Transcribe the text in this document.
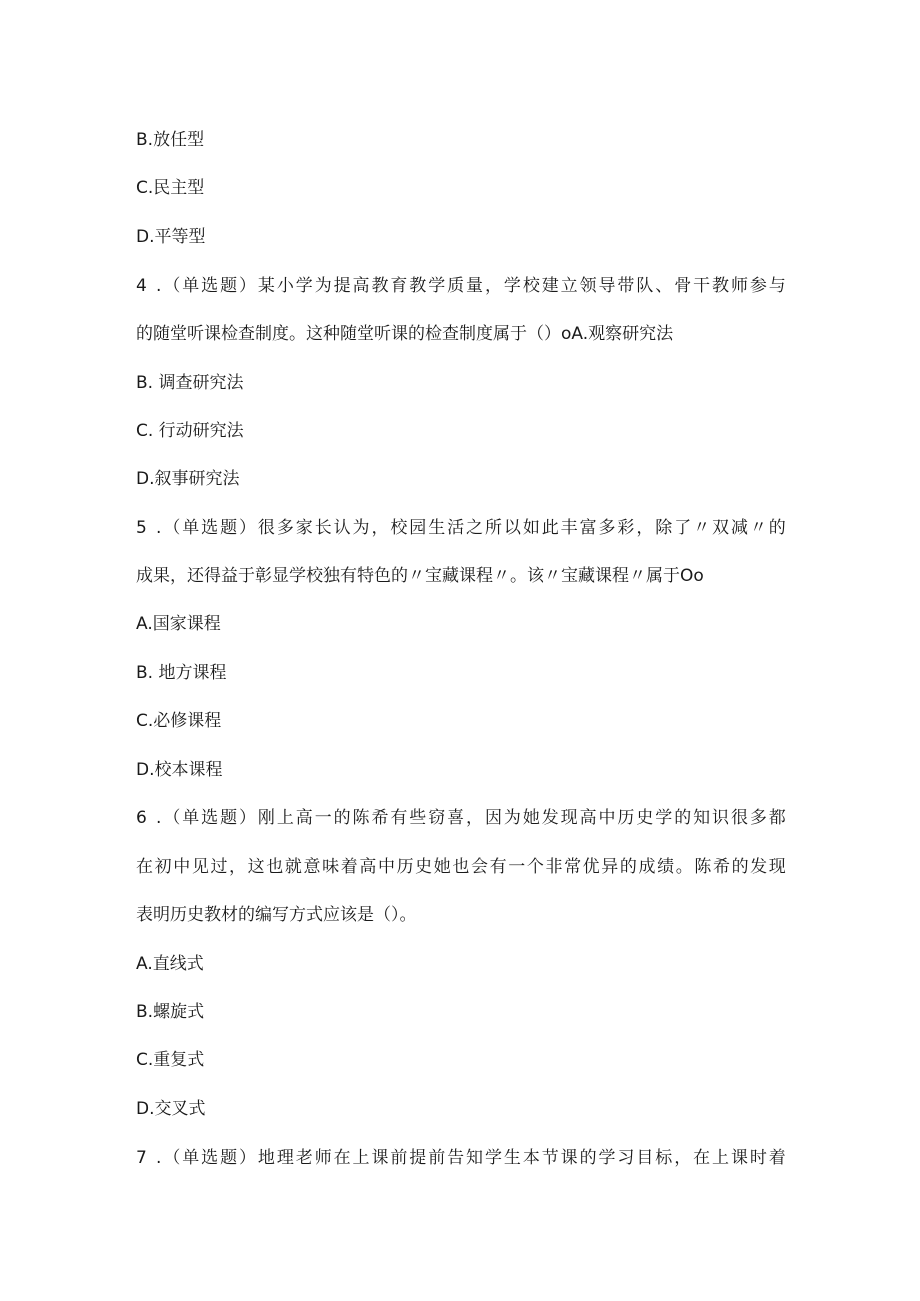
B.放任型
C.民主型
D.平等型
4 .（单选题）某小学为提高教育教学质量，学校建立领导带队、骨干教师参与
的随堂听课检查制度。这种随堂听课的检查制度属于（）oA.观察研究法
B. 调查研究法
C. 行动研究法
D.叙事研究法
5 .（单选题）很多家长认为，校园生活之所以如此丰富多彩，除了〃双减〃的
成果，还得益于彰显学校独有特色的〃宝藏课程〃。该〃宝藏课程〃属于Oo
A.国家课程
B. 地方课程
C.必修课程
D.校本课程
6 .（单选题）刚上高一的陈希有些窃喜，因为她发现高中历史学的知识很多都
在初中见过，这也就意味着高中历史她也会有一个非常优异的成绩。陈希的发现
表明历史教材的编写方式应该是（）。
A.直线式
B.螺旋式
C.重复式
D.交叉式
7 .（单选题）地理老师在上课前提前告知学生本节课的学习目标，在上课时着
